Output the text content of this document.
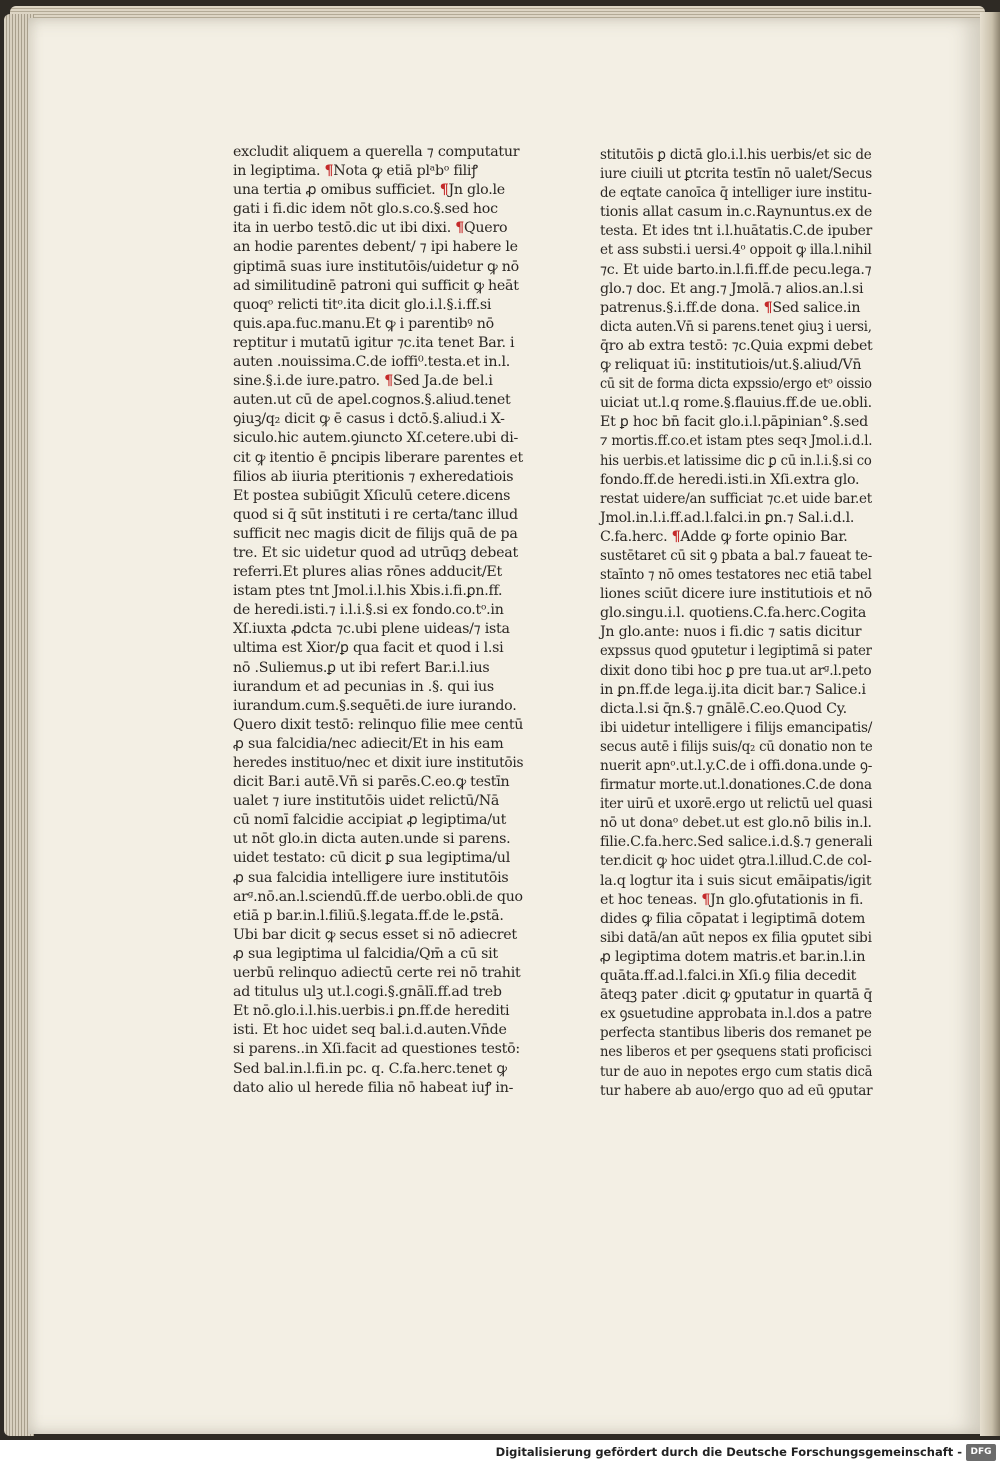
excludit aliquem a querella ⁊ computatur
in legiptima. ¶Nota ꝙ etiā plᵃbᵒ filiꝭ
una tertia ꝓ omibus sufficiet. ¶Jn glo.le
gati i fi.dic idem nōt glo.s.co.§.sed hoc
ita in uerbo testō.dic ut ibi dixi. ¶Quero
an hodie parentes debent/ ⁊ ipi habere le
giptimā suas iure institutōis/uidetur ꝙ nō
ad similitudinē patroni qui sufficit ꝙ heāt
quoqᵒ relicti titᵒ.ita dicit glo.i.l.§.i.ff.si
quis.apa.fuc.manu.Et ꝙ i parentibꝰ nō
reptitur i mutatū igitur ⁊c.ita tenet Bar. i
auten .nouissima.C.de ioffi⁰.testa.et in.l.
sine.§.i.de iure.patro. ¶Sed Ja.de bel.i
auten.ut cū de apel.cognos.§.aliud.tenet
ꝯiuꝫ/q₂ dicit ꝙ ē casus i dctō.§.aliud.i X-
siculo.hic autem.ꝯiuncto Xſ.cetere.ubi di-
cit ꝙ itentio ē ꝑncipis liberare parentes et
filios ab iiuria pteritionis ⁊ exheredatiois
Et postea subiūgit Xſiculū cetere.dicens
quod si q̄ sūt instituti i re certa/tanc illud
sufficit nec magis dicit de filijs quā de pa
tre. Et sic uidetur quod ad utrūqꝫ debeat
referri.Et plures alias rōnes adducit/Et
istam ptes tnt Jmol.i.l.his Xbis.i.fi.ꝑn.ff.
de heredi.isti.⁊ i.l.i.§.si ex fondo.co.tᵒ.in
Xſ.iuxta ꝓdcta ⁊c.ubi plene uideas/⁊ ista
ultima est Xior/ꝑ qua facit et quod i l.si
nō .Suliemus.ꝑ ut ibi refert Bar.i.l.ius
iurandum et ad pecunias in .§. qui ius
iurandum.cum.§.sequēti.de iure iurando.
Quero dixit testō: relinquo filie mee centū
ꝓ sua falcidia/nec adiecit/Et in his eam
heredes instituo/nec et dixit iure institutōis
dicit Bar.i autē.Vn̄ si parēs.C.eo.ꝙ testīn
ualet ⁊ iure institutōis uidet relictū/Nā
cū nomī falcidie accipiat ꝓ legiptima/ut
ut nōt glo.in dicta auten.unde si parens.
uidet testato: cū dicit ꝑ sua legiptima/ul
ꝓ sua falcidia intelligere iure institutōis
arᵍ.nō.an.l.sciendū.ff.de uerbo.obli.de quo
etiā p bar.in.l.filiū.§.legata.ff.de le.ꝑstā.
Ubi bar dicit ꝙ secus esset si nō adiecret
ꝓ sua legiptima ul falcidia/Qm̄ a cū sit
uerbū relinquo adiectū certe rei nō trahit
ad titulus ulꝫ ut.l.cogi.§.gnālī.ff.ad treb
Et nō.glo.i.l.his.uerbis.i ꝑn.ff.de herediti
isti. Et hoc uidet seq bal.i.d.auten.Vn̄de
si parens..in Xſi.facit ad questiones testō:
Sed bal.in.l.fi.in pc. q. C.fa.herc.tenet ꝙ
dato alio ul herede filia nō habeat iuꝭ in-
stitutōis ꝑ dictā glo.i.l.his uerbis/et sic de
iure ciuili ut ꝑtcrita testīn nō ualet/Secus
de eqtate canoīca q̄ intelliger iure institu-
tionis allat casum in.c.Raynuntus.ex de
testa. Et ides tnt i.l.huātatis.C.de ipuber
et ass substi.i uersi.4ᵒ oppoit ꝙ illa.l.nihil
⁊c. Et uide barto.in.l.fi.ff.de pecu.lega.⁊
glo.⁊ doc. Et ang.⁊ Jmolā.⁊ alios.an.l.si
patrenus.§.i.ff.de dona. ¶Sed salice.in
dicta auten.Vn̄ si parens.tenet ꝯiuꝫ i uersi,
q̄ro ab extra testō: ⁊c.Quia expmi debet
ꝙ reliquat iū: institutiois/ut.§.aliud/Vn̄
cū sit de forma dicta expssio/ergo etᵒ oissio
uiciat ut.l.q rome.§.flauius.ff.de ue.obli.
Et ꝑ hoc bn̄ facit glo.i.l.pāpinian°.§.sed
⁊ mortis.ff.co.et istam ptes seqꝛ Jmol.i.d.l.
his uerbis.et latissime dic ꝑ cū in.l.i.§.si co
fondo.ff.de heredi.isti.in Xſi.extra glo.
restat uidere/an sufficiat ⁊c.et uide bar.et
Jmol.in.l.i.ff.ad.l.falci.in ꝑn.⁊ Sal.i.d.l.
C.fa.herc. ¶Adde ꝙ forte opinio Bar.
sustētaret cū sit ꝯ pbata a bal.⁊ faueat te-
staīnto ⁊ nō omes testatores nec etiā tabel
liones sciūt dicere iure institutiois et nō
glo.singu.i.l. quotiens.C.fa.herc.Cogita
Jn glo.ante: nuos i fi.dic ⁊ satis dicitur
expssus quod ꝯputetur i legiptimā si pater
dixit dono tibi hoc ꝑ pre tua.ut arᵍ.l.peto
in ꝑn.ff.de lega.ij.ita dicit bar.⁊ Salice.i
dicta.l.si q̄n.§.⁊ gnālē.C.eo.Quod Cy.
ibi uidetur intelligere i filijs emancipatis/
secus autē i filijs suis/q₂ cū donatio non te
nuerit apnᵒ.ut.l.y.C.de i offi.dona.unde ꝯ-
firmatur morte.ut.l.donationes.C.de dona
iter uirū et uxorē.ergo ut relictū uel quasi
nō ut donaᵒ debet.ut est glo.nō bilis in.l.
filie.C.fa.herc.Sed salice.i.d.§.⁊ generali
ter.dicit ꝙ hoc uidet ꝯtra.l.illud.C.de col-
la.q logtur ita i suis sicut emāipatis/igit
et hoc teneas. ¶Jn glo.ꝯfutationis in fi.
dides ꝙ filia cōpatat i legiptimā dotem
sibi datā/an aūt nepos ex filia ꝯputet sibi
ꝓ legiptima dotem matris.et bar.in.l.in
quāta.ff.ad.l.falci.in Xſi.ꝯ filia decedit
āteqꝫ pater .dicit ꝙ ꝯputatur in quartā q̄
ex ꝯsuetudine approbata in.l.dos a patre
perfecta stantibus liberis dos remanet pe
nes liberos et per ꝯsequens stati proficisci
tur de auo in nepotes ergo cum statis dicā
tur habere ab auo/ergo quo ad eū ꝯputar
Digitalisierung gefördert durch die Deutsche Forschungsgemeinschaft - DFG
